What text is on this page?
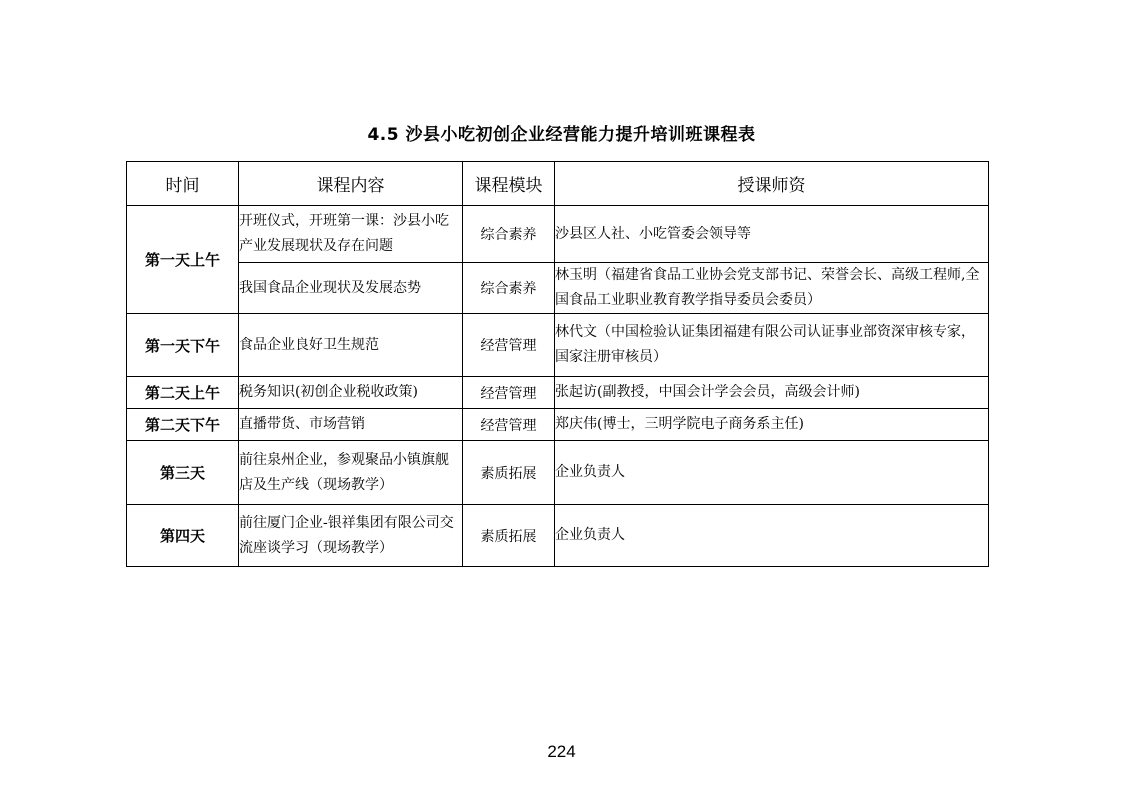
4.5 沙县小吃初创企业经营能力提升培训班课程表
时间	课程内容	课程模块	授课师资
第一天上午	开班仪式，开班第一课：沙县小吃产业发展现状及存在问题	综合素养	沙县区人社、小吃管委会领导等
	我国食品企业现状及发展态势	综合素养	林玉明（福建省食品工业协会党支部书记、荣誉会长、高级工程师,全国食品工业职业教育教学指导委员会委员）
第一天下午	食品企业良好卫生规范	经营管理	林代文（中国检验认证集团福建有限公司认证事业部资深审核专家，国家注册审核员）
第二天上午	税务知识(初创企业税收政策)	经营管理	张起访(副教授，中国会计学会会员，高级会计师)
第二天下午	直播带货、市场营销	经营管理	郑庆伟(博士，三明学院电子商务系主任)
第三天	前往泉州企业，参观聚品小镇旗舰店及生产线（现场教学）	素质拓展	企业负责人
第四天	前往厦门企业-银祥集团有限公司交流座谈学习（现场教学）	素质拓展	企业负责人
224
